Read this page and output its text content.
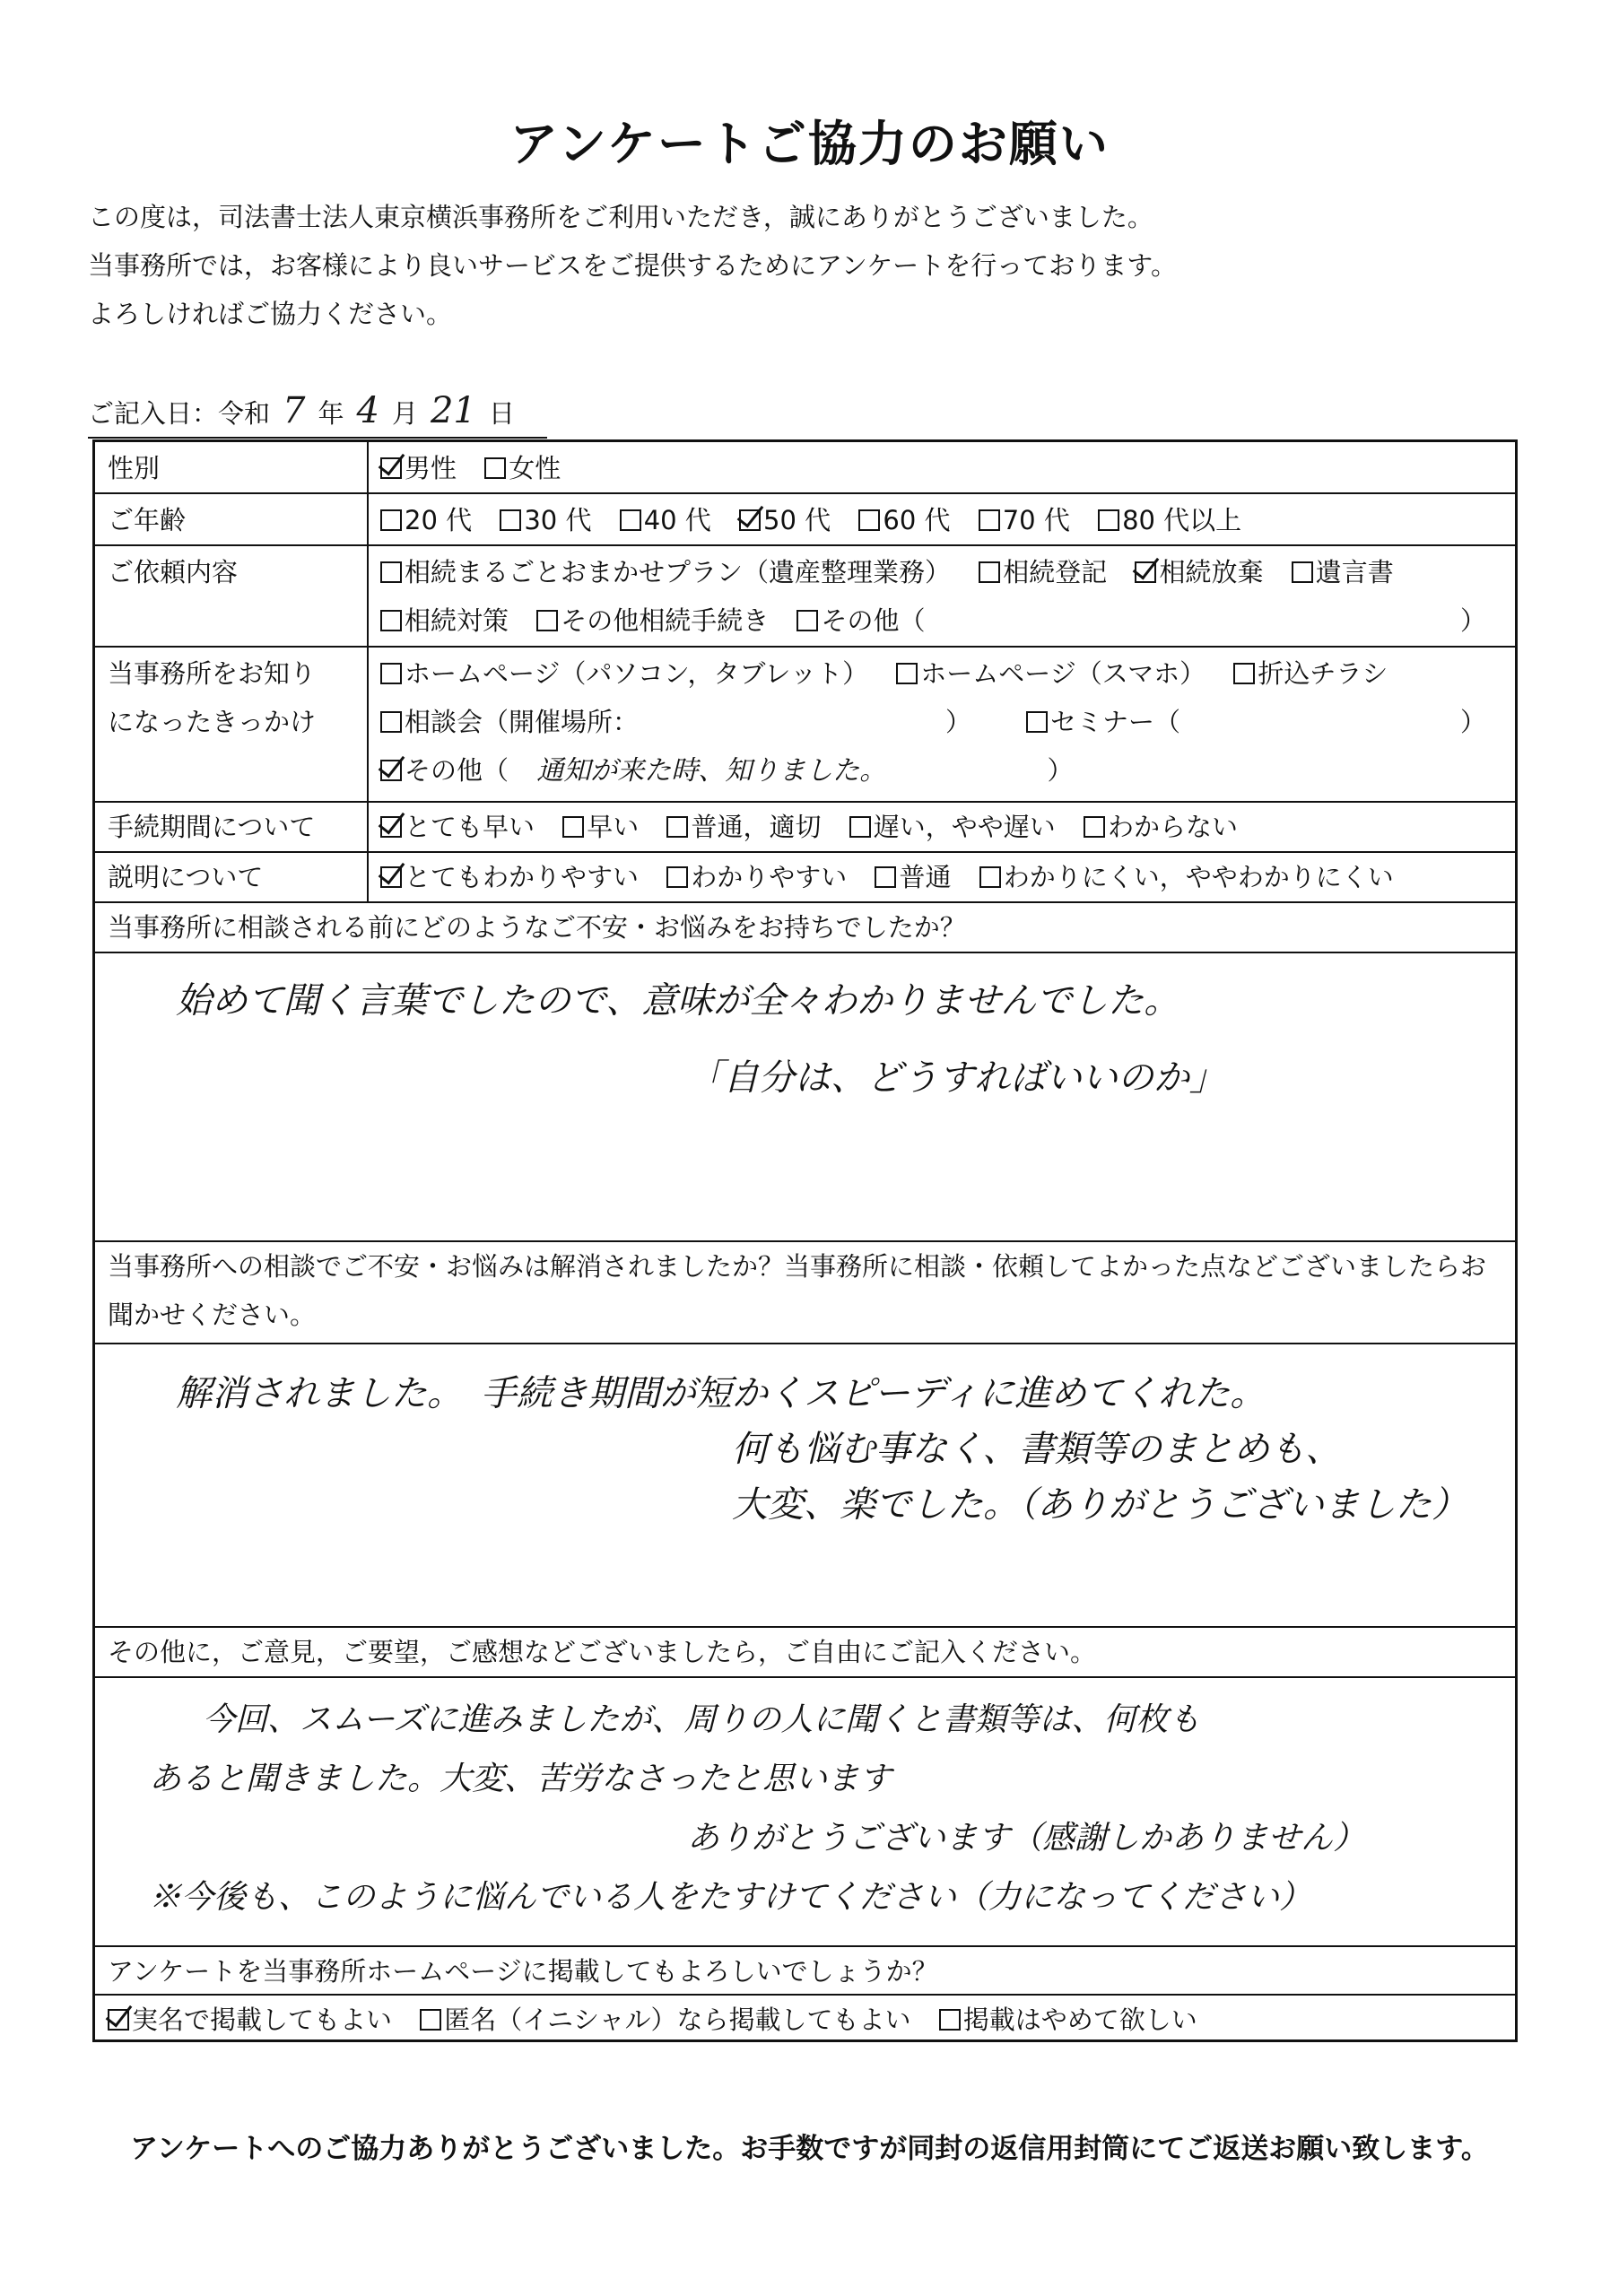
アンケートご協力のお願い
この度は，司法書士法人東京横浜事務所をご利用いただき，誠にありがとうございました。
当事務所では，お客様により良いサービスをご提供するためにアンケートを行っております。
よろしければご協力ください。
ご記入日：令和 7 年 4 月 21 日
性別	男性 女性
ご年齢	20 代 30 代 40 代 50 代 60 代 70 代 80 代以上
ご依頼内容	相続まるごとおまかせプラン（遺産整理業務） 相続登記 相続放棄 遺言書
相続対策 その他相続手続き その他（	）
当事務所をお知り
になったきっかけ
ホームページ（パソコン，タブレット） ホームページ（スマホ） 折込チラシ
相談会（開催場所：	）	セミナー（	）
その他（ 通知が来た時、知りました。	）
手続期間について	とても早い 早い 普通，適切 遅い，やや遅い わからない
説明について	とてもわかりやすい わかりやすい 普通 わかりにくい，ややわかりにくい
当事務所に相談される前にどのようなご不安・お悩みをお持ちでしたか？
始めて聞く言葉でしたので、意味が全々わかりませんでした。
「自分は、どうすればいいのか」
当事務所への相談でご不安・お悩みは解消されましたか？当事務所に相談・依頼してよかった点などございましたらお聞かせください。
解消されました。　手続き期間が短かくスピーディに進めてくれた。
何も悩む事なく、書類等のまとめも、
大変、楽でした。（ありがとうございました）
その他に，ご意見，ご要望，ご感想などございましたら，ご自由にご記入ください。
今回、スムーズに進みましたが、周りの人に聞くと書類等は、何枚も
あると聞きました。大変、苦労なさったと思います
ありがとうございます（感謝しかありません）
※今後も、このように悩んでいる人をたすけてください（力になってください）
アンケートを当事務所ホームページに掲載してもよろしいでしょうか？
実名で掲載してもよい 匿名（イニシャル）なら掲載してもよい 掲載はやめて欲しい
アンケートへのご協力ありがとうございました。お手数ですが同封の返信用封筒にてご返送お願い致します。
